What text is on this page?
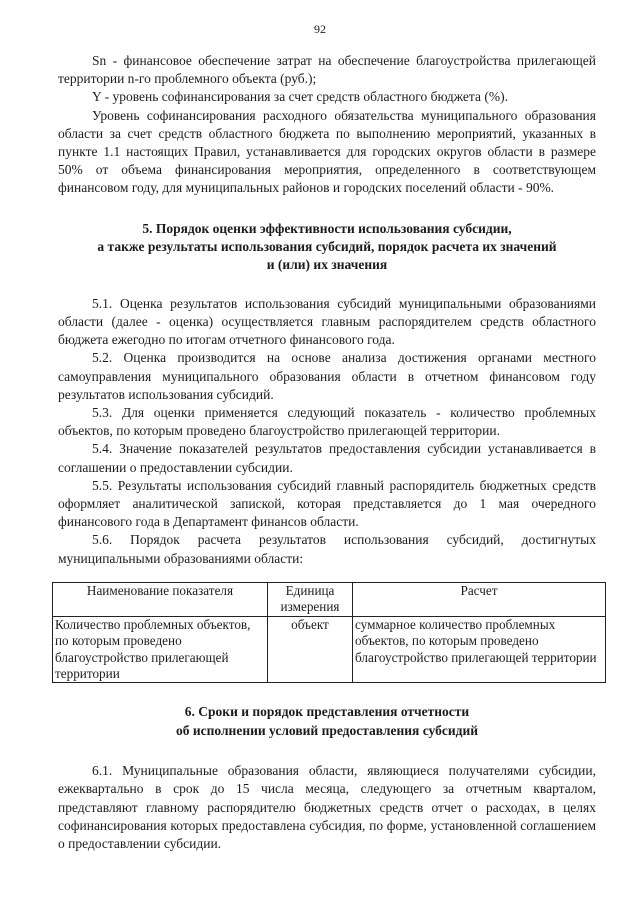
92

Sn - финансовое обеспечение затрат на обеспечение благоустройства прилегающей территории n-го проблемного объекта (руб.);

Y - уровень софинансирования за счет средств областного бюджета (%).

Уровень софинансирования расходного обязательства муниципального образования области за счет средств областного бюджета по выполнению мероприятий, указанных в пункте 1.1 настоящих Правил, устанавливается для городских округов области в размере 50% от объема финансирования мероприятия, определенного в соответствующем финансовом году, для муниципальных районов и городских поселений области - 90%.

5. Порядок оценки эффективности использования субсидии,
а также результаты использования субсидий, порядок расчета их значений
и (или) их значения

5.1. Оценка результатов использования субсидий муниципальными образованиями области (далее - оценка) осуществляется главным распорядителем средств областного бюджета ежегодно по итогам отчетного финансового года.

5.2. Оценка производится на основе анализа достижения органами местного самоуправления муниципального образования области в отчетном финансовом году результатов использования субсидий.

5.3. Для оценки применяется следующий показатель - количество проблемных объектов, по которым проведено благоустройство прилегающей территории.

5.4. Значение показателей результатов предоставления субсидии устанавливается в соглашении о предоставлении субсидии.

5.5. Результаты использования субсидий главный распорядитель бюджетных средств оформляет аналитической запиской, которая представляется до 1 мая очередного финансового года в Департамент финансов области.

5.6. Порядок расчета результатов использования субсидий, достигнутых муниципальными образованиями области:

Наименование показателя	Единица измерения	Расчет
Количество проблемных объектов, по которым проведено благоустройство прилегающей территории	объект	суммарное количество проблемных объектов, по которым проведено благоустройство прилегающей территории
6. Сроки и порядок представления отчетности
об исполнении условий предоставления субсидий

6.1. Муниципальные образования области, являющиеся получателями субсидии, ежеквартально в срок до 15 числа месяца, следующего за отчетным кварталом, представляют главному распорядителю бюджетных средств отчет о расходах, в целях софинансирования которых предоставлена субсидия, по форме, установленной соглашением о предоставлении субсидии.
